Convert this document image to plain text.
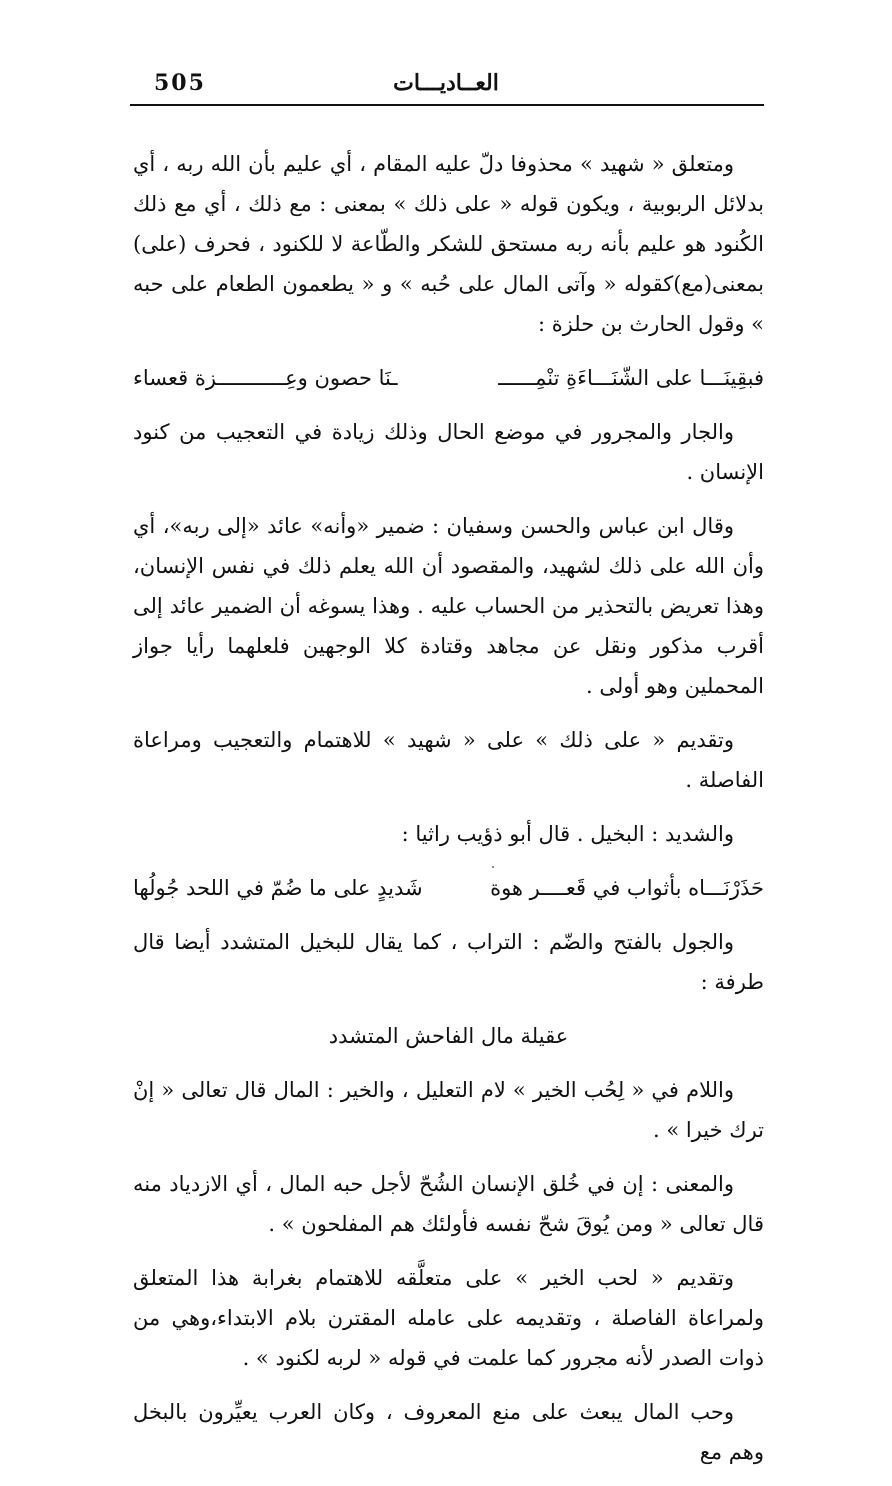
505	العــاديـــات

ومتعلق « شهيد » محذوفا دلّ عليه المقام ، أي عليم بأن الله ربه ، أي بدلائل الربوبية ، ويكون قوله « على ذلك » بمعنى : مع ذلك ، أي مع ذلك الكُنود هو عليم بأنه ربه مستحق للشكر والطّاعة لا للكنود ، فحرف (على) بمعنى(مع)كقوله « وآتى المال على حُبه » و « يطعمون الطعام على حبه » وقول الحارث بن حلزة :

فبقِينَـــا على الشّنَـــاءَةِ تنْمِــــــ
ـنَا حصون وعِـــــــــــزة قعساء

والجار والمجرور في موضع الحال وذلك زيادة في التعجيب من كنود الإنسان .

وقال ابن عباس والحسن وسفيان : ضمير «وأنه» عائد «إلى ربه»، أي وأن الله على ذلك لشهيد، والمقصود أن الله يعلم ذلك في نفس الإنسان، وهذا تعريض بالتحذير من الحساب عليه . وهذا يسوغه أن الضمير عائد إلى أقرب مذكور ونقل عن مجاهد وقتادة كلا الوجهين فلعلهما رأيا جواز المحملين وهو أولى .

وتقديم « على ذلك » على « شهيد » للاهتمام والتعجيب ومراعاة الفاصلة .

والشديد : البخيل . قال أبو ذؤيب راثيا :

حَذَرْنَـــاه بأثواب في قَعــــر هوة
شَديدٍ على ما ضُمّ في اللحد جُولُها

والجول بالفتح والضّم : التراب ، كما يقال للبخيل المتشدد أيضا قال طرفة :

عقيلة مال الفاحش المتشدد

واللام في « لِحُب الخير » لام التعليل ، والخير : المال قال تعالى « إنْ ترك خيرا » .

والمعنى : إن في خُلق الإنسان الشُحّ لأجل حبه المال ، أي الازدياد منه قال تعالى « ومن يُوقَ شحّ نفسه فأولئك هم المفلحون » .

وتقديم « لحب الخير » على متعلَّقه للاهتمام بغرابة هذا المتعلق ولمراعاة الفاصلة ، وتقديمه على عامله المقترن بلام الابتداء،وهي من ذوات الصدر لأنه مجرور كما علمت في قوله « لربه لكنود » .

وحب المال يبعث على منع المعروف ، وكان العرب يعيِّرون بالبخل وهم مع
